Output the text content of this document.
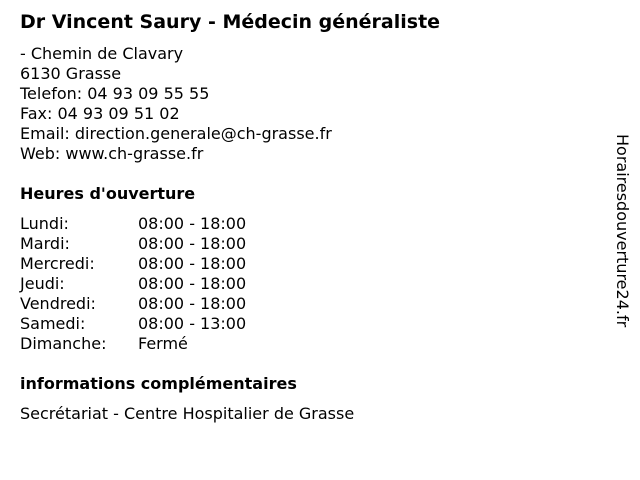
Dr Vincent Saury - Médecin généraliste
- Chemin de Clavary
6130 Grasse
Telefon: 04 93 09 55 55
Fax: 04 93 09 51 02
Email: direction.generale@ch-grasse.fr
Web: www.ch-grasse.fr
Heures d'ouverture
Lundi:	08:00 - 18:00
Mardi:	08:00 - 18:00
Mercredi:	08:00 - 18:00
Jeudi:	08:00 - 18:00
Vendredi:	08:00 - 18:00
Samedi:	08:00 - 13:00
Dimanche: Fermé
informations complémentaires
Secrétariat - Centre Hospitalier de Grasse
Horairesdouverture24.fr
